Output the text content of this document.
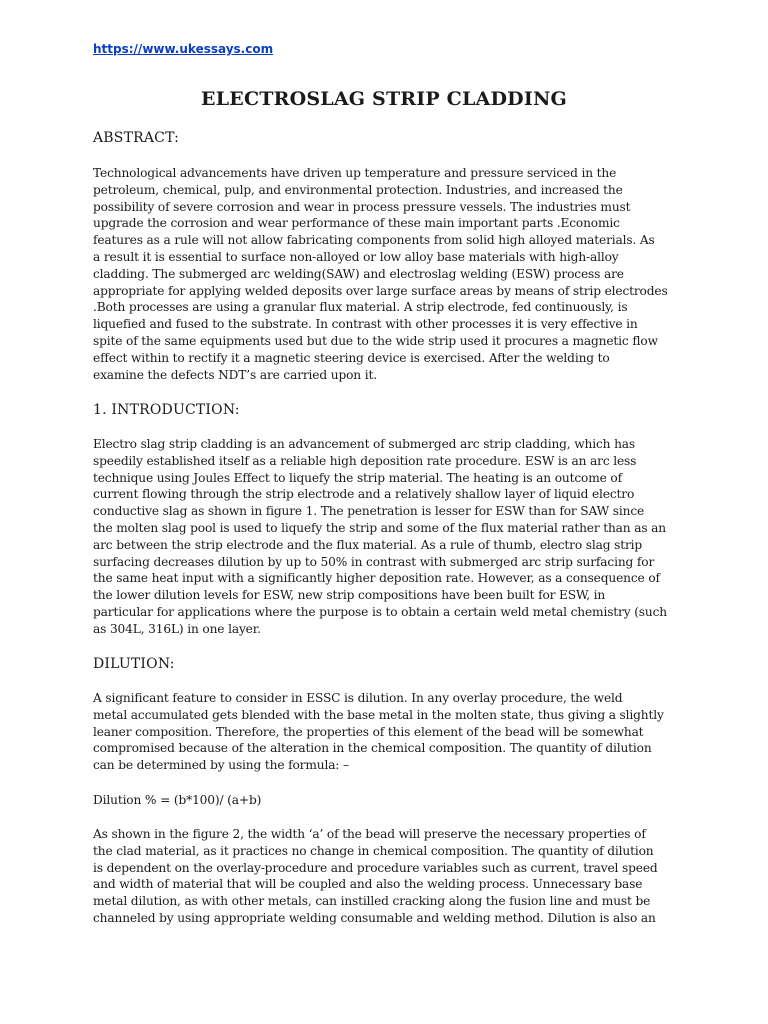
https://www.ukessays.com
ELECTROSLAG STRIP CLADDING
ABSTRACT:

Technological advancements have driven up temperature and pressure serviced in the
petroleum, chemical, pulp, and environmental protection. Industries, and increased the
possibility of severe corrosion and wear in process pressure vessels. The industries must
upgrade the corrosion and wear performance of these main important parts .Economic
features as a rule will not allow fabricating components from solid high alloyed materials. As
a result it is essential to surface non-alloyed or low alloy base materials with high-alloy
cladding. The submerged arc welding(SAW) and electroslag welding (ESW) process are
appropriate for applying welded deposits over large surface areas by means of strip electrodes
.Both processes are using a granular flux material. A strip electrode, fed continuously, is
liquefied and fused to the substrate. In contrast with other processes it is very effective in
spite of the same equipments used but due to the wide strip used it procures a magnetic flow
effect within to rectify it a magnetic steering device is exercised. After the welding to
examine the defects NDT’s are carried upon it.

1. INTRODUCTION:

Electro slag strip cladding is an advancement of submerged arc strip cladding, which has
speedily established itself as a reliable high deposition rate procedure. ESW is an arc less
technique using Joules Effect to liquefy the strip material. The heating is an outcome of
current flowing through the strip electrode and a relatively shallow layer of liquid electro
conductive slag as shown in figure 1. The penetration is lesser for ESW than for SAW since
the molten slag pool is used to liquefy the strip and some of the flux material rather than as an
arc between the strip electrode and the flux material. As a rule of thumb, electro slag strip
surfacing decreases dilution by up to 50% in contrast with submerged arc strip surfacing for
the same heat input with a significantly higher deposition rate. However, as a consequence of
the lower dilution levels for ESW, new strip compositions have been built for ESW, in
particular for applications where the purpose is to obtain a certain weld metal chemistry (such
as 304L, 316L) in one layer.

DILUTION:

A significant feature to consider in ESSC is dilution. In any overlay procedure, the weld
metal accumulated gets blended with the base metal in the molten state, thus giving a slightly
leaner composition. Therefore, the properties of this element of the bead will be somewhat
compromised because of the alteration in the chemical composition. The quantity of dilution
can be determined by using the formula: –

Dilution % = (b*100)/ (a+b)

As shown in the figure 2, the width ‘a’ of the bead will preserve the necessary properties of
the clad material, as it practices no change in chemical composition. The quantity of dilution
is dependent on the overlay-procedure and procedure variables such as current, travel speed
and width of material that will be coupled and also the welding process. Unnecessary base
metal dilution, as with other metals, can instilled cracking along the fusion line and must be
channeled by using appropriate welding consumable and welding method. Dilution is also an
